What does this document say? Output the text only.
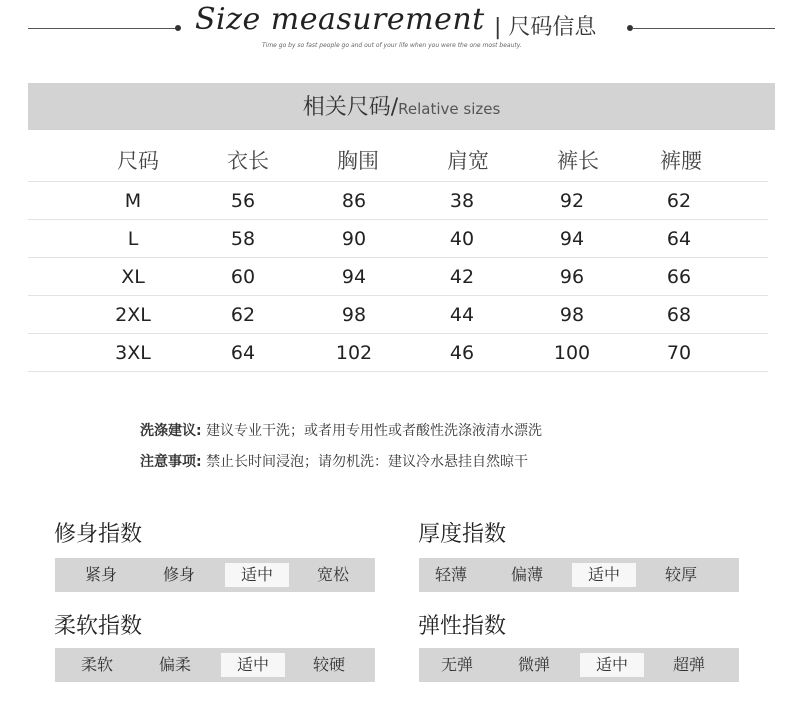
Size measurement | 尺码信息
Time go by so fast people go and out of your life when you were the one most beauty.
相关尺码/Relative sizes
尺码	衣长	胸围	肩宽	裤长	裤腰
M	56	86	38	92	62
L	58	90	40	94	64
XL	60	94	42	96	66
2XL	62	98	44	98	68
3XL	64	102	46	100	70
洗涤建议: 建议专业干洗；或者用专用性或者酸性洗涤液清水漂洗
注意事项: 禁止长时间浸泡；请勿机洗：建议冷水悬挂自然晾干
修身指数
紧身	修身	适中	宽松
厚度指数
轻薄	偏薄	适中	较厚
柔软指数
柔软	偏柔	适中	较硬
弹性指数
无弹	微弹	适中	超弹
